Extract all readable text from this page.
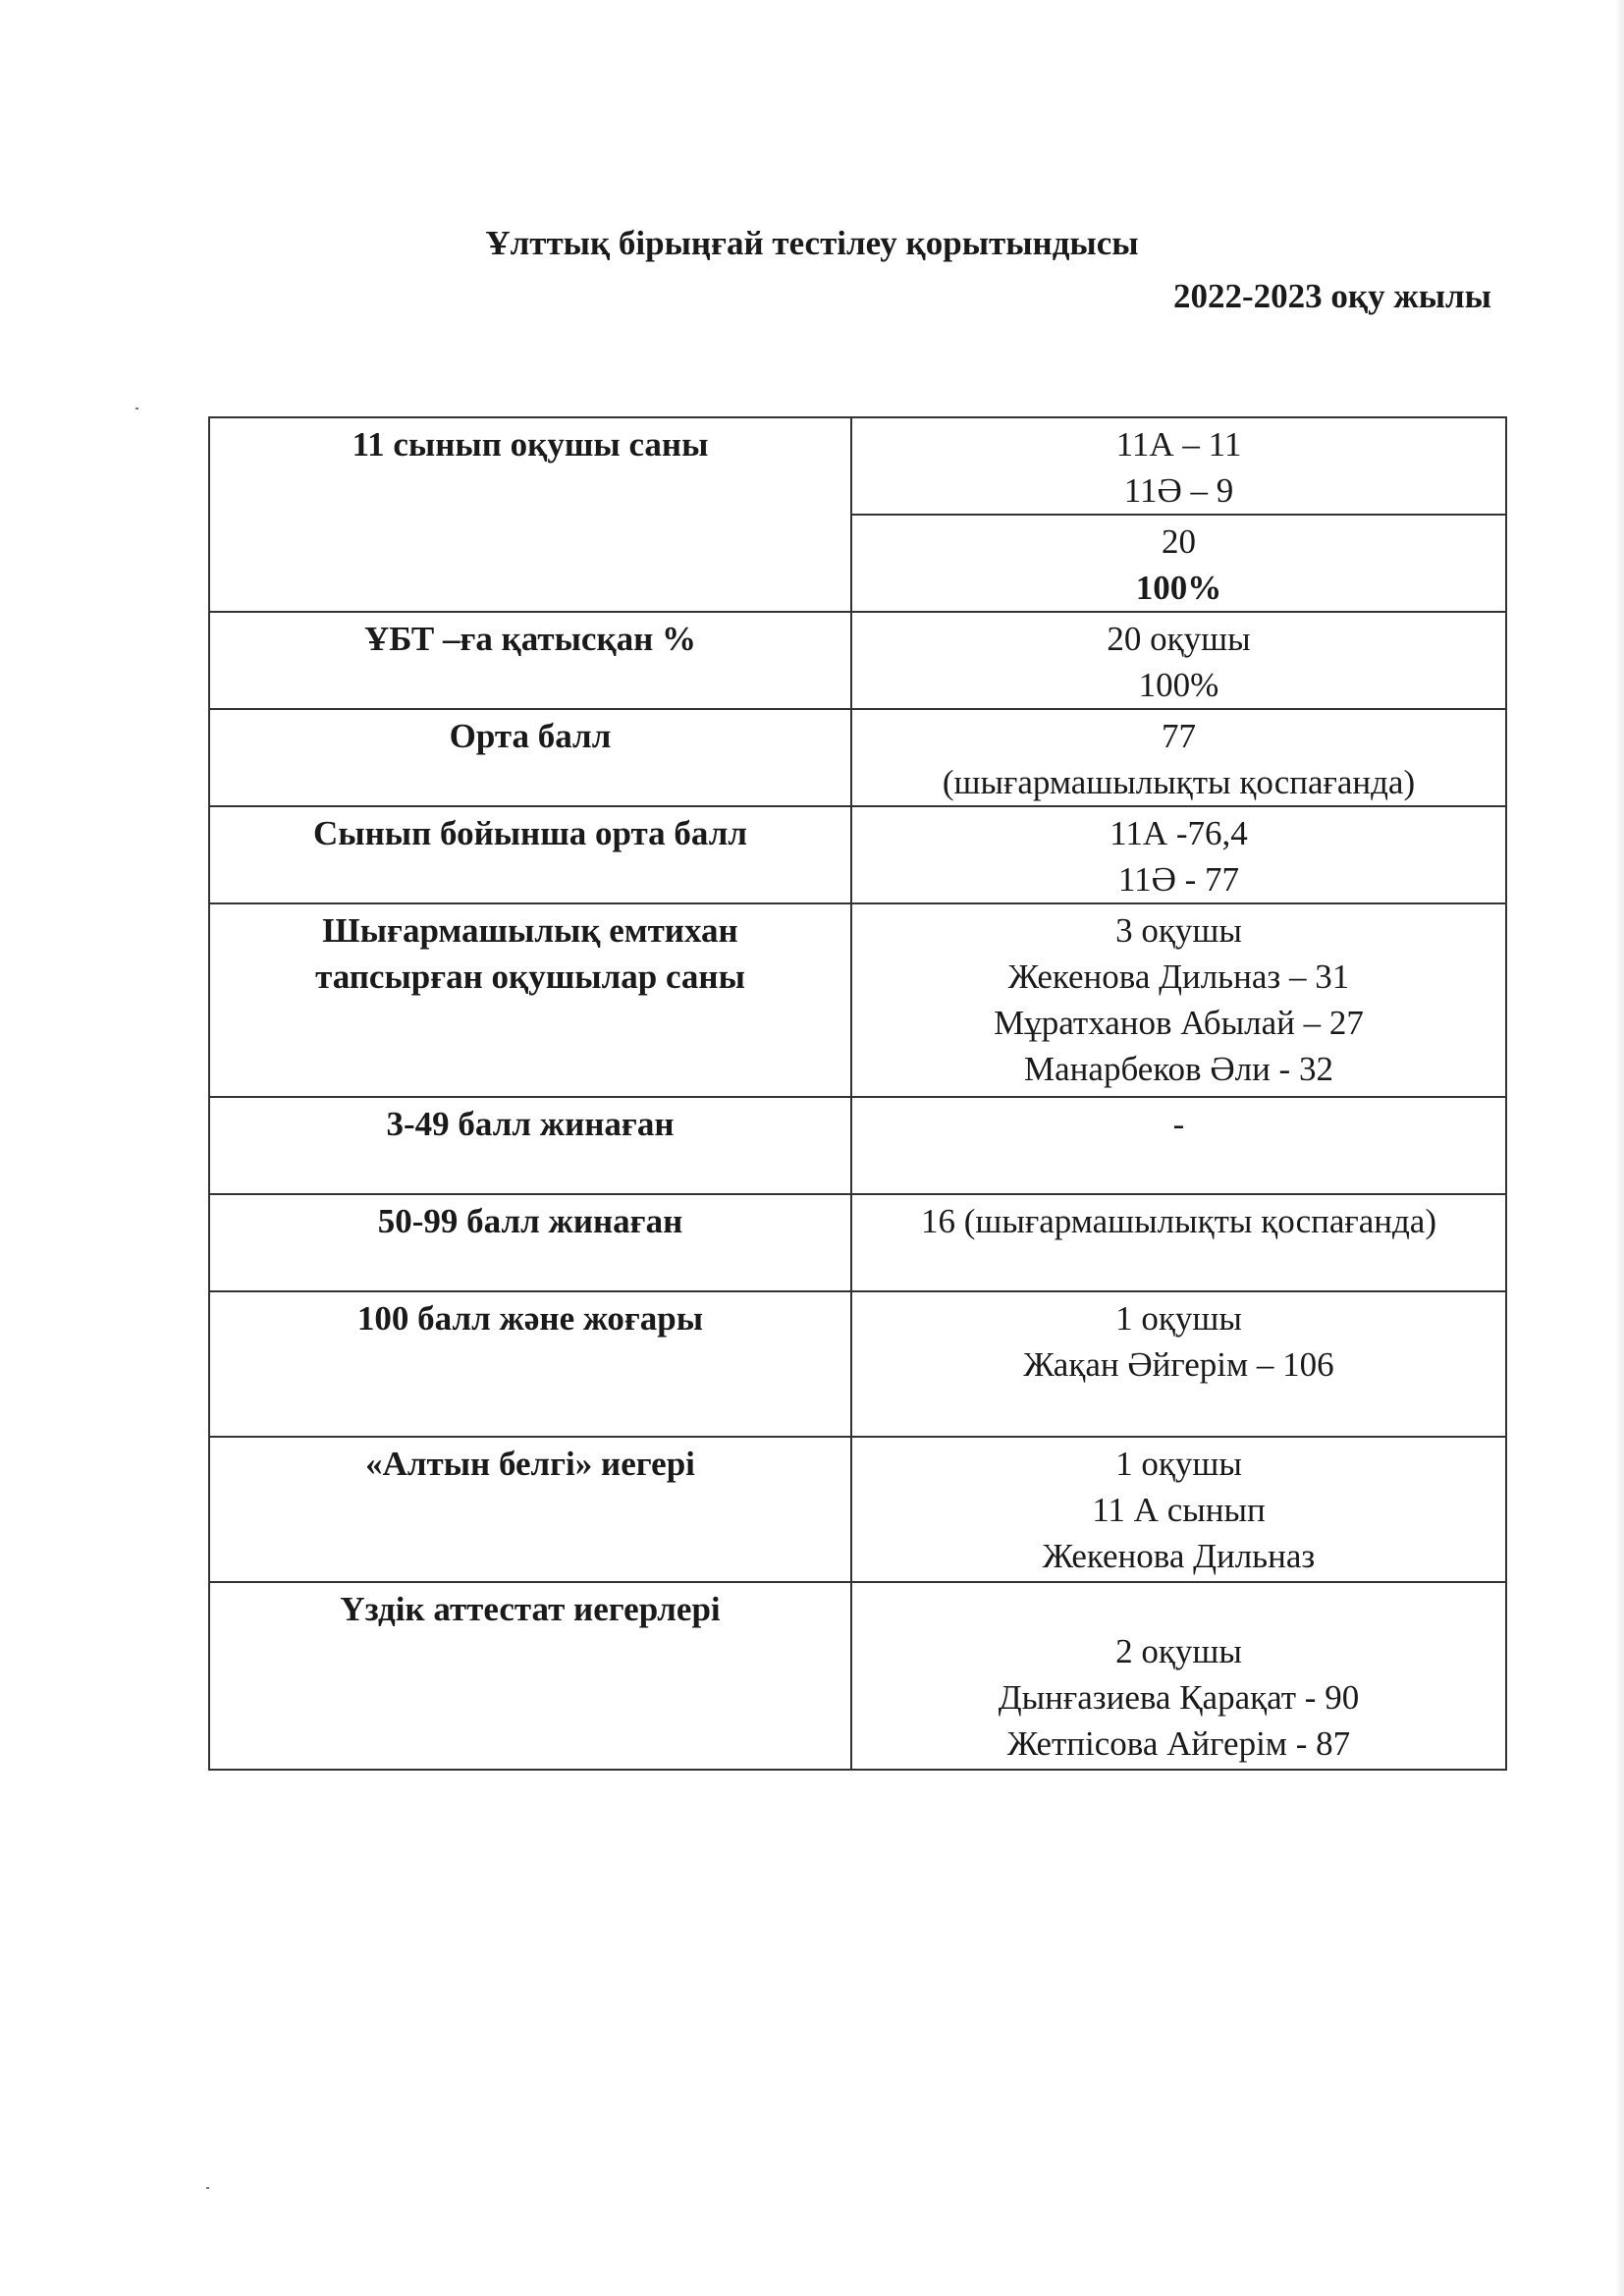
Ұлттық бірыңғай тестілеу қорытындысы
2022-2023 оқу жылы
11 сынып оқушы саны	11А – 11
11Ә – 9

	20
100%

ҰБТ –ға қатысқан %	20 оқушы
100%

Орта балл	77
(шығармашылықты қоспағанда)

Сынып бойынша орта балл	11А -76,4
11Ә - 77

Шығармашылық емтихан
тапсырған оқушылар саны	3 оқушы
Жекенова Дильназ – 31
Мұратханов Абылай – 27
Манарбеков Әли - 32

3-49 балл жинаған	-

50-99 балл жинаған	16 (шығармашылықты қоспағанда)

100 балл және жоғары	1 оқушы
Жақан Әйгерім – 106

«Алтын белгі» иегері	1 оқушы
11 А сынып
Жекенова Дильназ

Үздік аттестат иегерлері	2 оқушы
Дынғазиева Қарақат - 90
Жетпісова Айгерім - 87
